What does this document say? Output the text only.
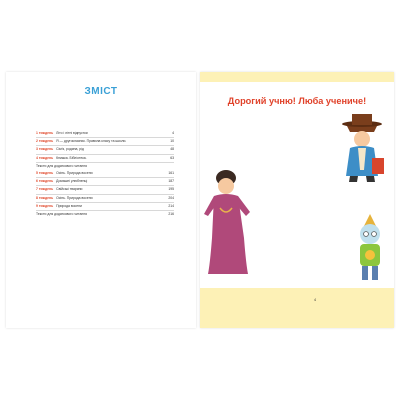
ЗМІСТ
1 тиждень Літо і літні відпустки	4
2 тиждень Я — другокласник. Правила класу та школи.	10
3 тиждень Сім'я, родина, рід	48
4 тиждень Книжка. Бібліотека.	63
Тексти для додаткового читання
5 тиждень Осінь. Природа восени	161
6 тиждень Домашні улюбленці	187
7 тиждень Свійські тварини	195
8 тиждень Осінь. Природа восени	204
9 тиждень Природа восени	214
Тексти для додаткового читання	216
Дорогий учню! Люба учениче!
4
